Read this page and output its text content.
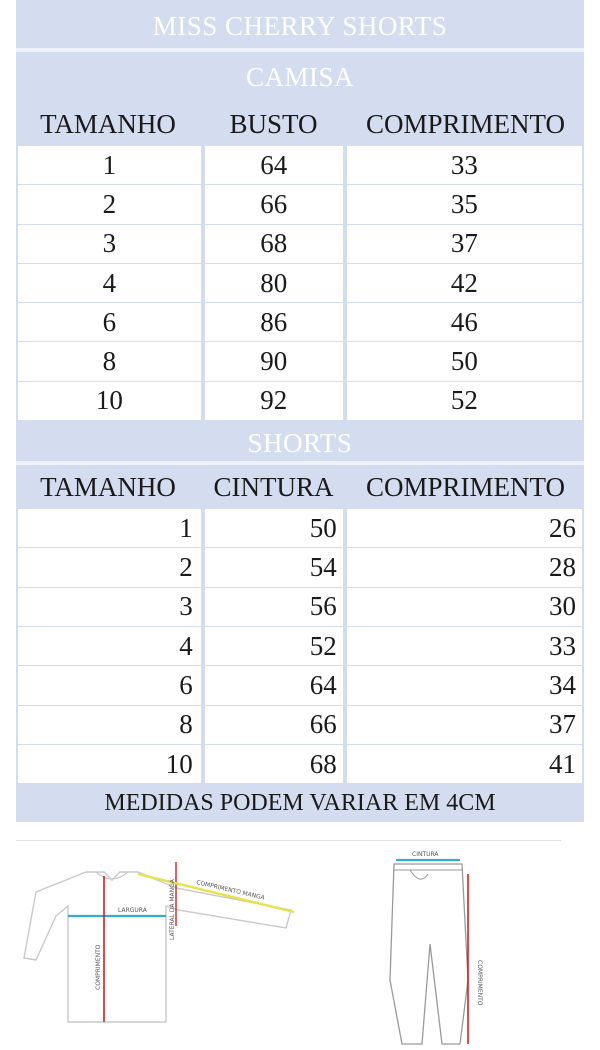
MISS CHERRY SHORTS
CAMISA
TAMANHO	BUSTO	COMPRIMENTO
1	64	33
2	66	35
3	68	37
4	80	42
6	86	46
8	90	50
10	92	52
SHORTS
TAMANHO	CINTURA	COMPRIMENTO
1	50	26
2	54	28
3	56	30
4	52	33
6	64	34
8	66	37
10	68	41
MEDIDAS PODEM VARIAR EM 4CM
LARGURA
COMPRIMENTO
LATERAL DA MANGA	COMPRIMENTO MANGA
CINTURA
COMPRIMENTO
